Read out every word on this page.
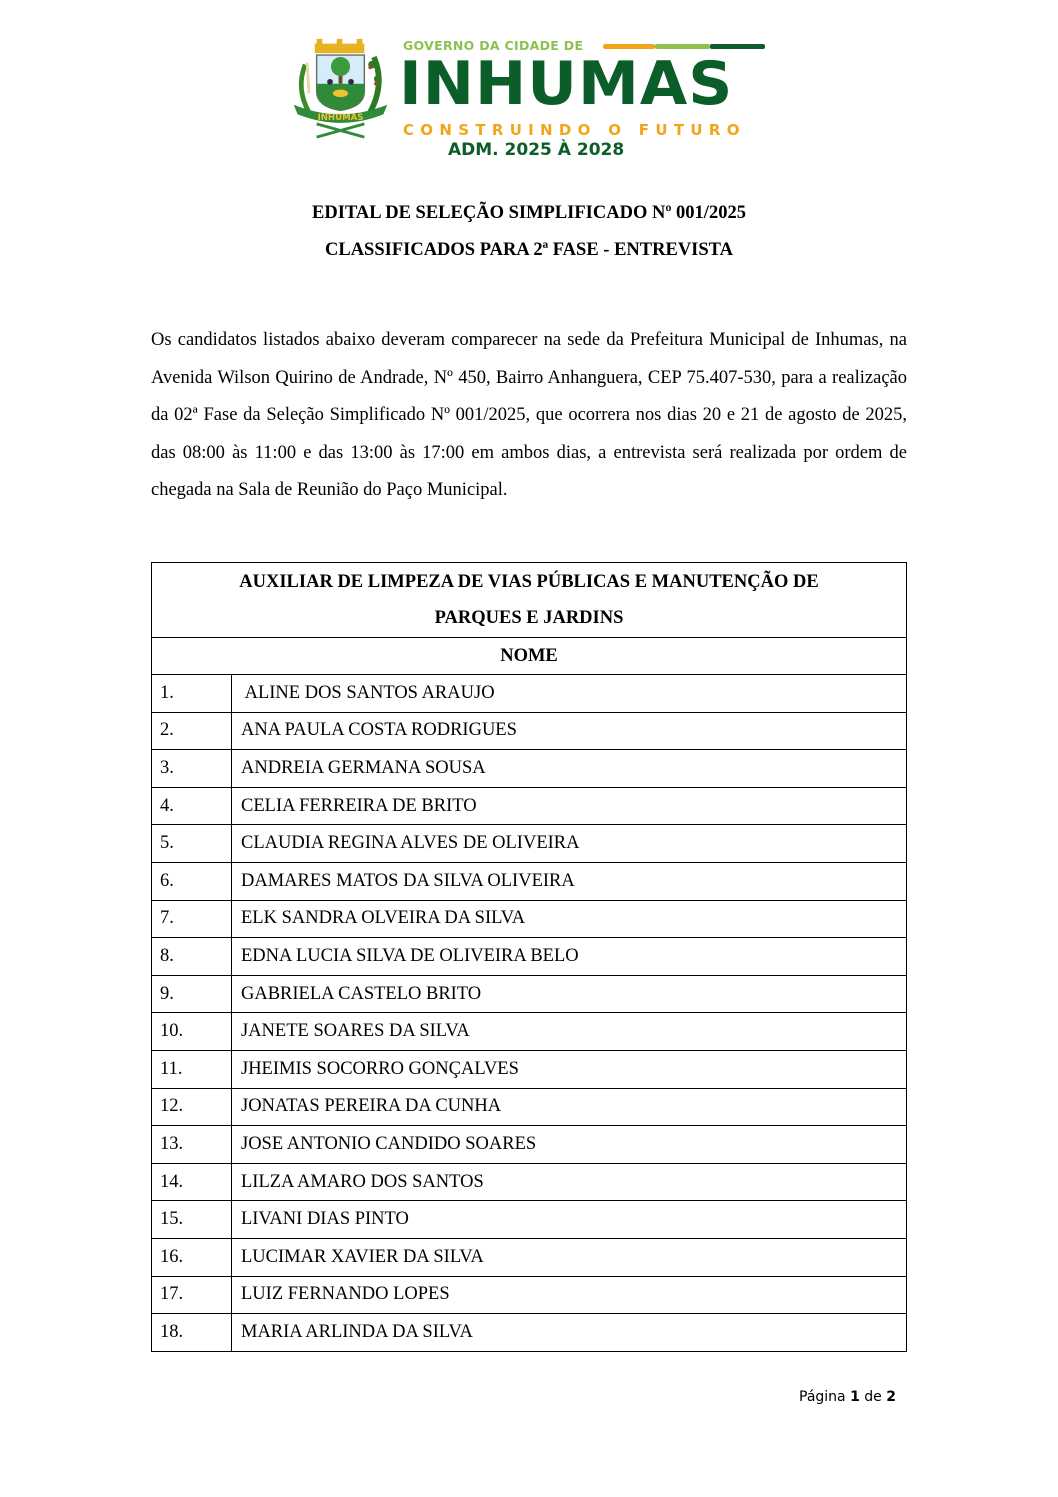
INHUMAS
GOVERNO DA CIDADE DE
INHUMAS
CONSTRUINDO O FUTURO
ADM. 2025 À 2028
EDITAL DE SELEÇÃO SIMPLIFICADO Nº 001/2025
CLASSIFICADOS PARA 2ª FASE - ENTREVISTA
Os candidatos listados abaixo deveram comparecer na sede da Prefeitura Municipal de Inhumas, na Avenida Wilson Quirino de Andrade, Nº 450, Bairro Anhanguera, CEP 75.407-530, para a realização da 02ª Fase da Seleção Simplificado Nº 001/2025, que ocorrera nos dias 20 e 21 de agosto de 2025, das 08:00 às 11:00 e das 13:00 às 17:00 em ambos dias, a entrevista será realizada por ordem de chegada na Sala de Reunião do Paço Municipal.
AUXILIAR DE LIMPEZA DE VIAS PÚBLICAS E MANUTENÇÃO DE
PARQUES E JARDINS	

NOME	
1.	ALINE DOS SANTOS ARAUJO
2.	ANA PAULA COSTA RODRIGUES
3.	ANDREIA GERMANA SOUSA
4.	CELIA FERREIRA DE BRITO
5.	CLAUDIA REGINA ALVES DE OLIVEIRA
6.	DAMARES MATOS DA SILVA OLIVEIRA
7.	ELK SANDRA OLVEIRA DA SILVA
8.	EDNA LUCIA SILVA DE OLIVEIRA BELO
9.	GABRIELA CASTELO BRITO
10.	JANETE SOARES DA SILVA
11.	JHEIMIS SOCORRO GONÇALVES
12.	JONATAS PEREIRA DA CUNHA
13.	JOSE ANTONIO CANDIDO SOARES
14.	LILZA AMARO DOS SANTOS
15.	LIVANI DIAS PINTO
16.	LUCIMAR XAVIER DA SILVA
17.	LUIZ FERNANDO LOPES
18.	MARIA ARLINDA DA SILVA
Página 1 de 2
